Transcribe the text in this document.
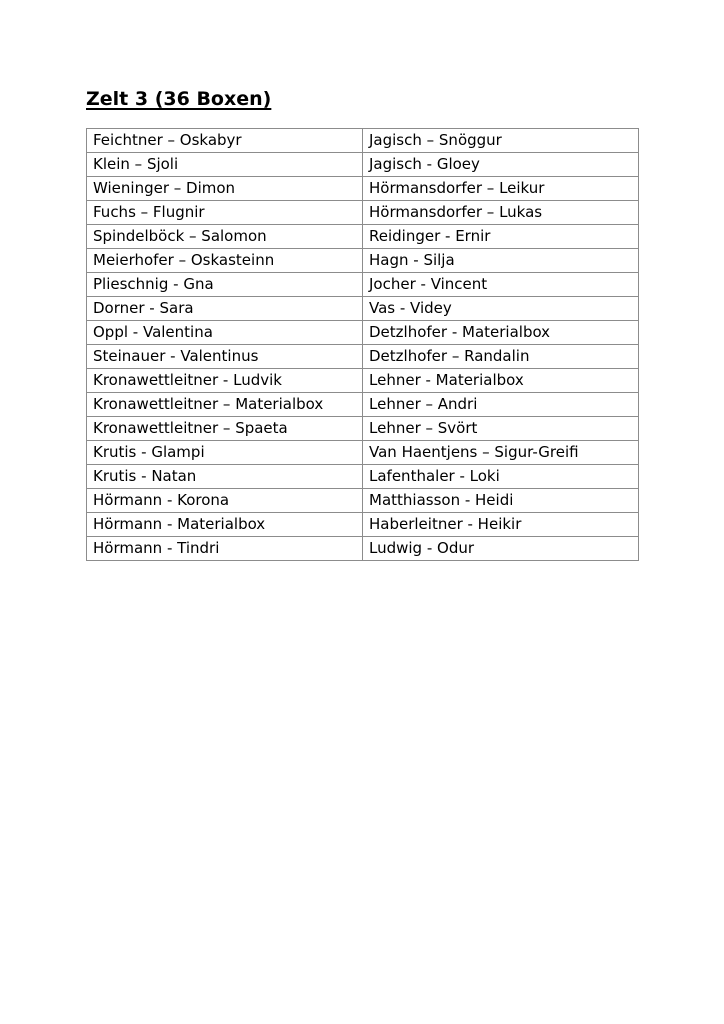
Zelt 3 (36 Boxen)
Feichtner – Oskabyr	Jagisch – Snöggur
Klein – Sjoli	Jagisch - Gloey
Wieninger – Dimon	Hörmansdorfer – Leikur
Fuchs – Flugnir	Hörmansdorfer – Lukas
Spindelböck – Salomon	Reidinger - Ernir
Meierhofer – Oskasteinn	Hagn - Silja
Plieschnig - Gna	Jocher - Vincent
Dorner - Sara	Vas - Videy
Oppl - Valentina	Detzlhofer - Materialbox
Steinauer - Valentinus	Detzlhofer – Randalin
Kronawettleitner - Ludvik	Lehner - Materialbox
Kronawettleitner – Materialbox	Lehner – Andri
Kronawettleitner – Spaeta	Lehner – Svört
Krutis - Glampi	Van Haentjens – Sigur-Greifi
Krutis - Natan	Lafenthaler - Loki
Hörmann - Korona	Matthiasson - Heidi
Hörmann - Materialbox	Haberleitner - Heikir
Hörmann - Tindri	Ludwig - Odur
